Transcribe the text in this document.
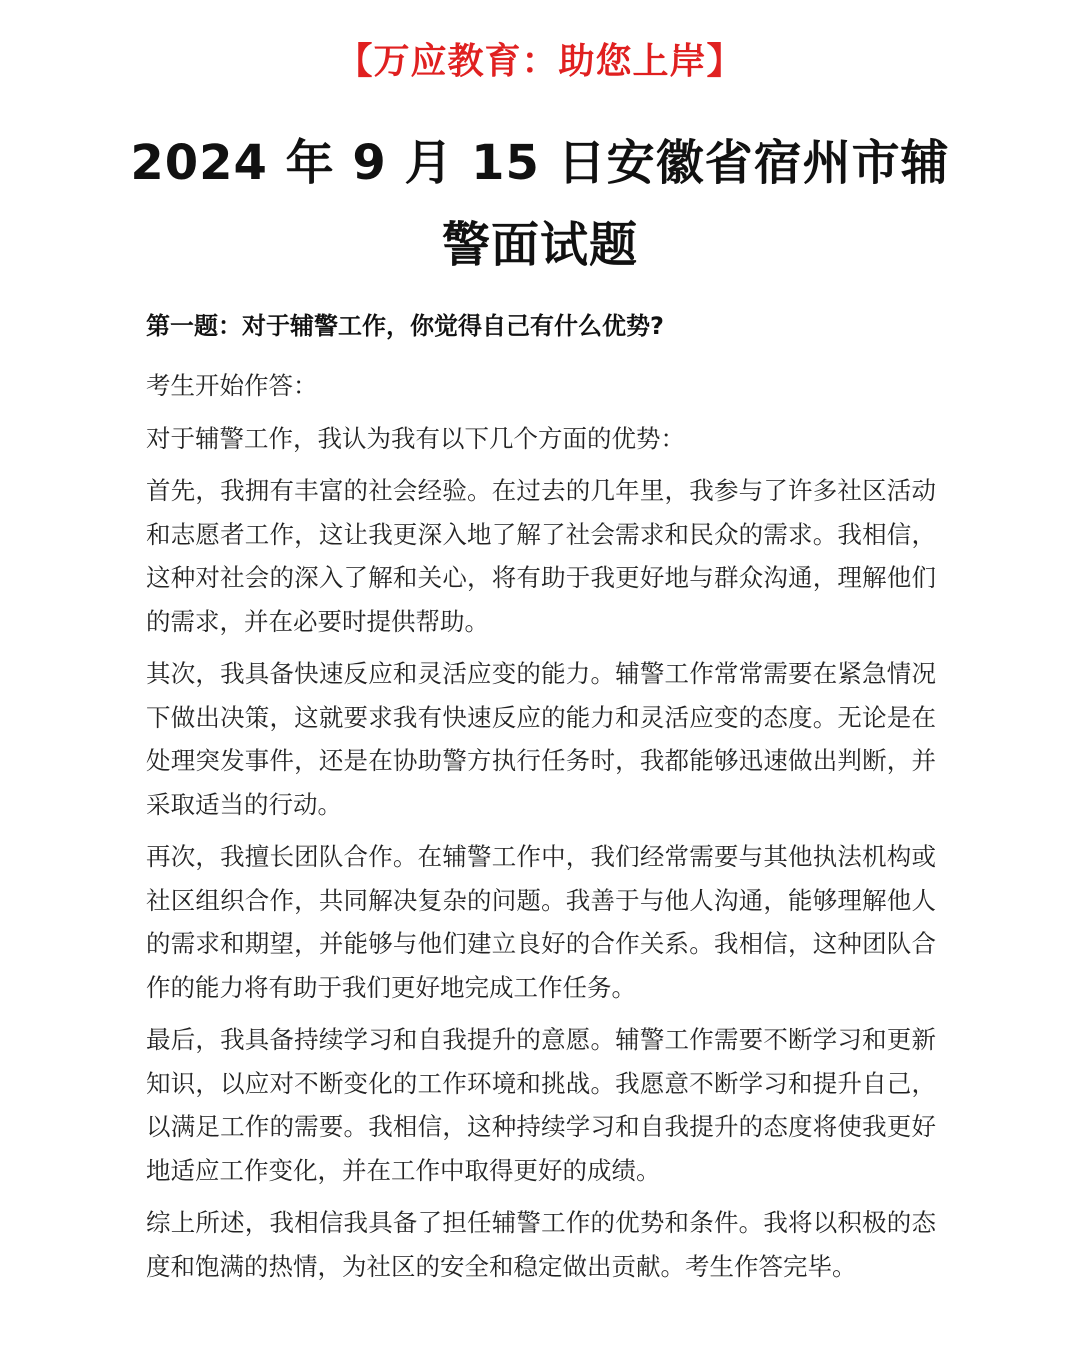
【万应教育：助您上岸】
2024 年 9 月 15 日安徽省宿州市辅警面试题
第一题：对于辅警工作，你觉得自己有什么优势?

考生开始作答：

对于辅警工作，我认为我有以下几个方面的优势：

首先，我拥有丰富的社会经验。在过去的几年里，我参与了许多社区活动和志愿者工作，这让我更深入地了解了社会需求和民众的需求。我相信，这种对社会的深入了解和关心，将有助于我更好地与群众沟通，理解他们的需求，并在必要时提供帮助。

其次，我具备快速反应和灵活应变的能力。辅警工作常常需要在紧急情况下做出决策，这就要求我有快速反应的能力和灵活应变的态度。无论是在处理突发事件，还是在协助警方执行任务时，我都能够迅速做出判断，并采取适当的行动。

再次，我擅长团队合作。在辅警工作中，我们经常需要与其他执法机构或社区组织合作，共同解决复杂的问题。我善于与他人沟通，能够理解他人的需求和期望，并能够与他们建立良好的合作关系。我相信，这种团队合作的能力将有助于我们更好地完成工作任务。

最后，我具备持续学习和自我提升的意愿。辅警工作需要不断学习和更新知识，以应对不断变化的工作环境和挑战。我愿意不断学习和提升自己，以满足工作的需要。我相信，这种持续学习和自我提升的态度将使我更好地适应工作变化，并在工作中取得更好的成绩。

综上所述，我相信我具备了担任辅警工作的优势和条件。我将以积极的态度和饱满的热情，为社区的安全和稳定做出贡献。考生作答完毕。
